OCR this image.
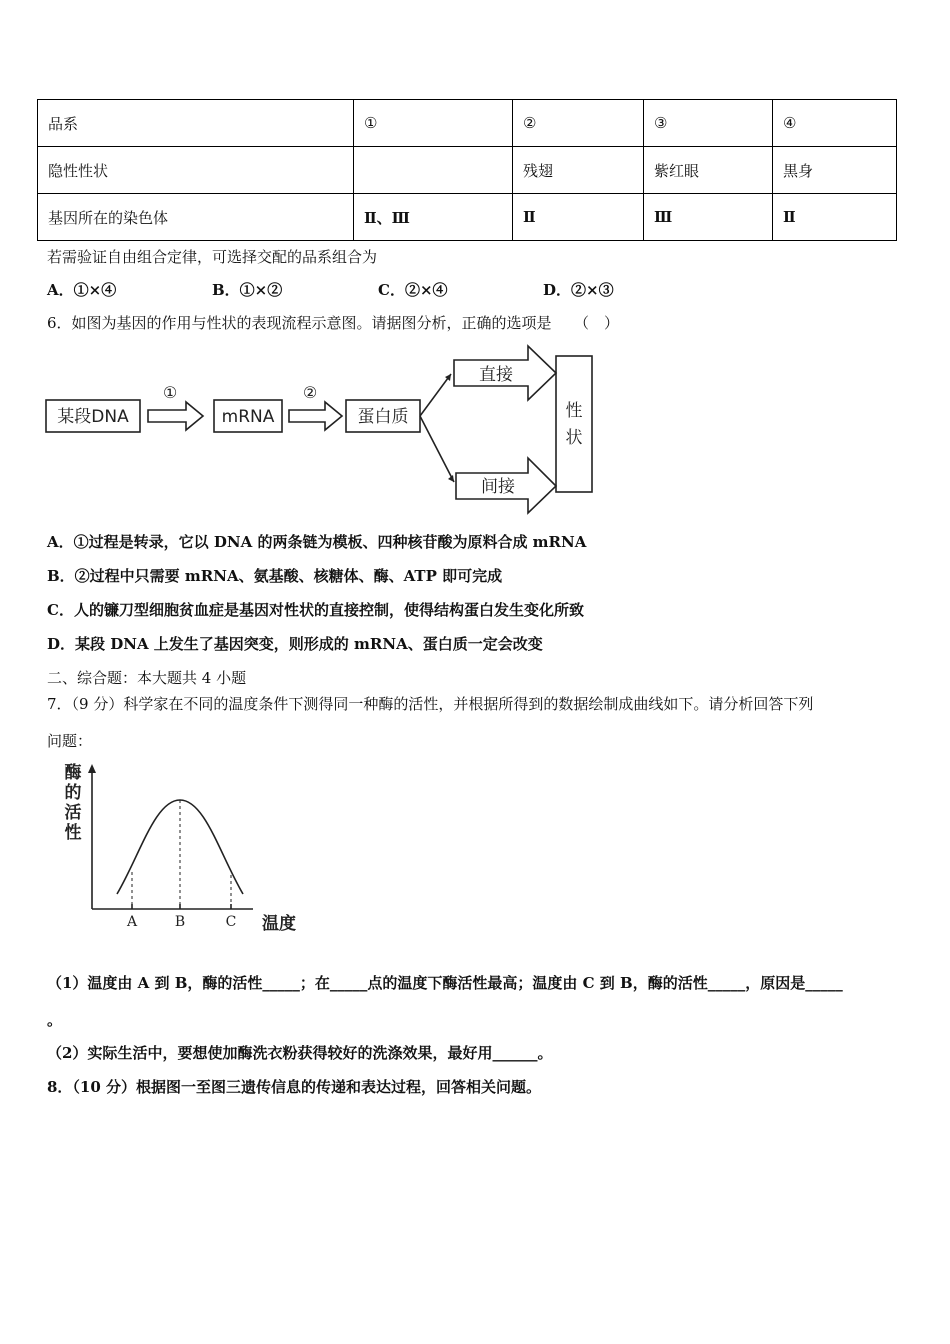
品系	①	②	③	④
隐性性状		残翅	紫红眼	黒身
基因所在的染色体	Ⅱ、Ⅲ	Ⅱ	Ⅲ	Ⅱ
若需验证自由组合定律，可选择交配的品系组合为
A．①×④	B．①×②	C．②×④	D．②×③
6．如图为基因的作用与性状的表现流程示意图。请据图分析，正确的选项是　　（　）
某段DNA	mRNA	蛋白质
①	②
直接
间接
性
状
A．①过程是转录，它以 DNA 的两条链为模板、四种核苷酸为原料合成 mRNA
B．②过程中只需要 mRNA、氨基酸、核糖体、酶、ATP 即可完成
C．人的镰刀型细胞贫血症是基因对性状的直接控制，使得结构蛋白发生变化所致
D．某段 DNA 上发生了基因突变，则形成的 mRNA、蛋白质一定会改变
二、综合题：本大题共 4 小题
7．（9 分）科学家在不同的温度条件下测得同一种酶的活性，并根据所得到的数据绘制成曲线如下。请分析回答下列
问题：
酶
的
活
性
A	B	C 温度
（1）温度由 A 到 B，酶的活性_____；在_____点的温度下酶活性最高；温度由 C 到 B，酶的活性_____，原因是_____
。
（2）实际生活中，要想使加酶洗衣粉获得较好的洗涤效果，最好用______。
8．（10 分）根据图一至图三遗传信息的传递和表达过程，回答相关问题。
